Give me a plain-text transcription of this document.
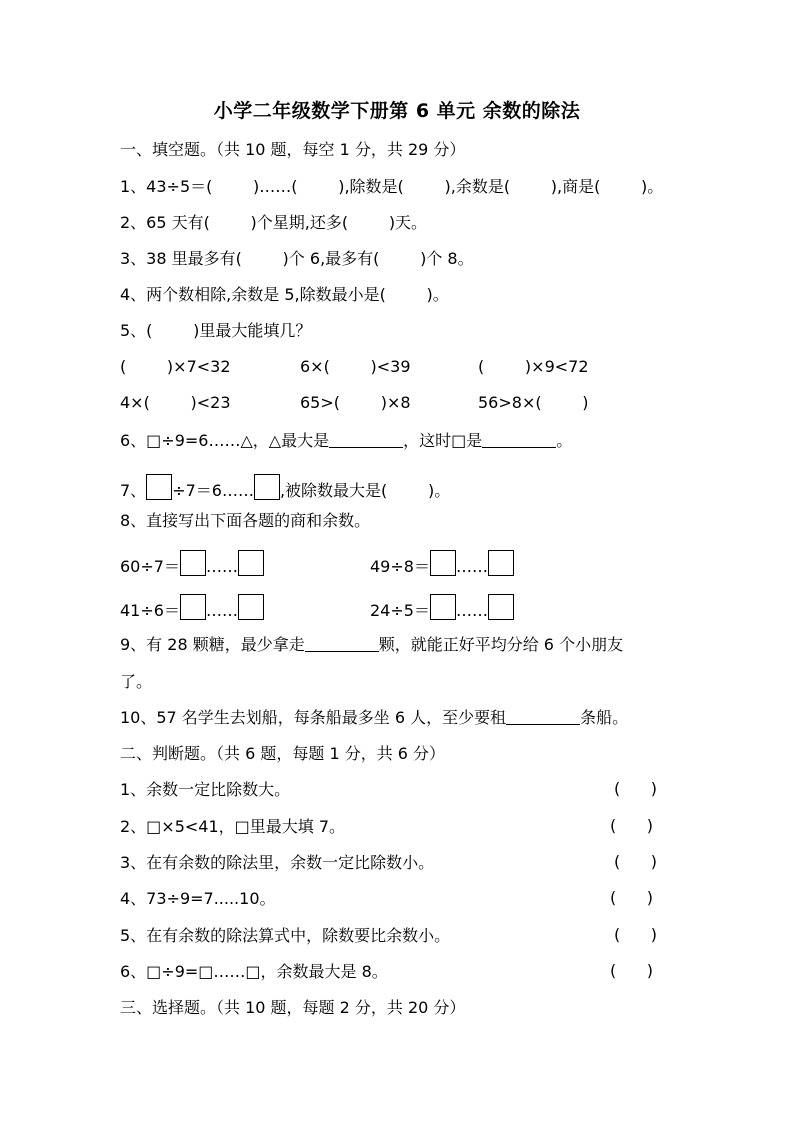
小学二年级数学下册第 6 单元 余数的除法
一、填空题。（共 10 题，每空 1 分，共 29 分）
1、43÷5＝(        )……(        ),除数是(        ),余数是(        ),商是(        )。
2、65 天有(        )个星期,还多(        )天。
3、38 里最多有(        )个 6,最多有(        )个 8。
4、两个数相除,余数是 5,除数最小是(        )。
5、(        )里最大能填几？
(        )×7<32	6×(        )<39	(        )×9<72
4×(        )<23	65>(        )×8	56>8×(        )
6、□÷9=6……△，△最大是	，这时□是	。
7、 ÷7＝6…… ,被除数最大是(        )。
8、直接写出下面各题的商和余数。
60÷7＝ ……	49÷8＝ ……
41÷6＝ ……	24÷5＝ ……
9、有 28 颗糖，最少拿走	颗，就能正好平均分给 6 个小朋友
了。
10、57 名学生去划船，每条船最多坐 6 人，至少要租	条船。
二、判断题。（共 6 题，每题 1 分，共 6 分）
1、余数一定比除数大。	(      )
2、□×5<41，□里最大填 7。	(      )
3、在有余数的除法里，余数一定比除数小。	(      )
4、73÷9=7.....10。	(      )
5、在有余数的除法算式中，除数要比余数小。	(      )
6、□÷9=□……□，余数最大是 8。	(      )
三、选择题。（共 10 题，每题 2 分，共 20 分）
